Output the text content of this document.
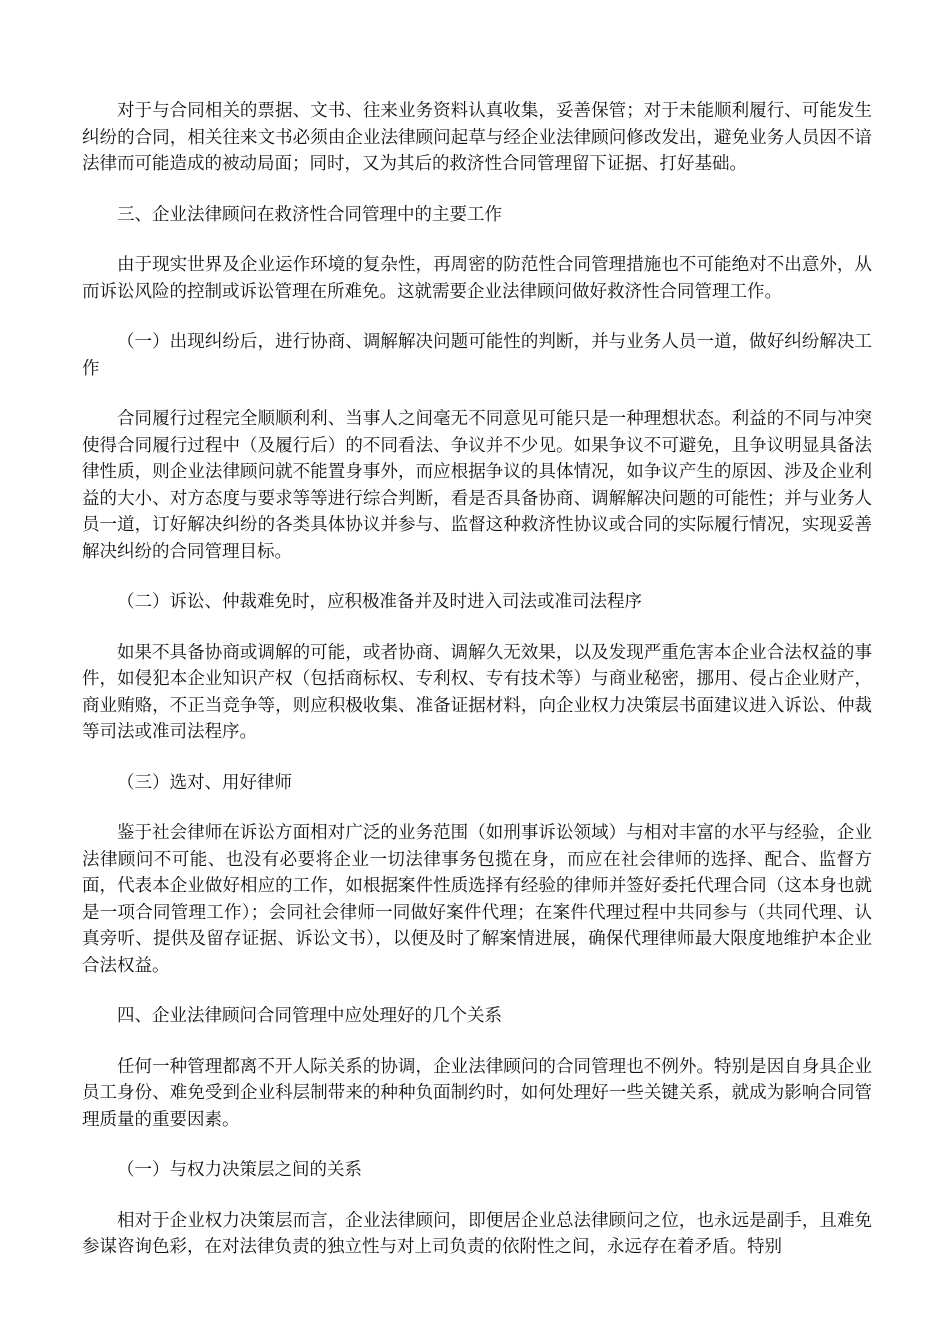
对于与合同相关的票据、文书、往来业务资料认真收集，妥善保管；对于未能顺利履行、可能发生纠纷的合同，相关往来文书必须由企业法律顾问起草与经企业法律顾问修改发出，避免业务人员因不谙法律而可能造成的被动局面；同时，又为其后的救济性合同管理留下证据、打好基础。

三、企业法律顾问在救济性合同管理中的主要工作

由于现实世界及企业运作环境的复杂性，再周密的防范性合同管理措施也不可能绝对不出意外，从而诉讼风险的控制或诉讼管理在所难免。这就需要企业法律顾问做好救济性合同管理工作。

（一）出现纠纷后，进行协商、调解解决问题可能性的判断，并与业务人员一道，做好纠纷解决工作

合同履行过程完全顺顺利利、当事人之间毫无不同意见可能只是一种理想状态。利益的不同与冲突使得合同履行过程中（及履行后）的不同看法、争议并不少见。如果争议不可避免，且争议明显具备法律性质，则企业法律顾问就不能置身事外，而应根据争议的具体情况，如争议产生的原因、涉及企业利益的大小、对方态度与要求等等进行综合判断，看是否具备协商、调解解决问题的可能性；并与业务人员一道，订好解决纠纷的各类具体协议并参与、监督这种救济性协议或合同的实际履行情况，实现妥善解决纠纷的合同管理目标。

（二）诉讼、仲裁难免时，应积极准备并及时进入司法或准司法程序

如果不具备协商或调解的可能，或者协商、调解久无效果，以及发现严重危害本企业合法权益的事件，如侵犯本企业知识产权（包括商标权、专利权、专有技术等）与商业秘密，挪用、侵占企业财产，商业贿赂，不正当竞争等，则应积极收集、准备证据材料，向企业权力决策层书面建议进入诉讼、仲裁等司法或准司法程序。

（三）选对、用好律师

鉴于社会律师在诉讼方面相对广泛的业务范围（如刑事诉讼领域）与相对丰富的水平与经验，企业法律顾问不可能、也没有必要将企业一切法律事务包揽在身，而应在社会律师的选择、配合、监督方面，代表本企业做好相应的工作，如根据案件性质选择有经验的律师并签好委托代理合同（这本身也就是一项合同管理工作）；会同社会律师一同做好案件代理；在案件代理过程中共同参与（共同代理、认真旁听、提供及留存证据、诉讼文书），以便及时了解案情进展，确保代理律师最大限度地维护本企业合法权益。

四、企业法律顾问合同管理中应处理好的几个关系

任何一种管理都离不开人际关系的协调，企业法律顾问的合同管理也不例外。特别是因自身具企业员工身份、难免受到企业科层制带来的种种负面制约时，如何处理好一些关键关系，就成为影响合同管理质量的重要因素。

（一）与权力决策层之间的关系

相对于企业权力决策层而言，企业法律顾问，即便居企业总法律顾问之位，也永远是副手，且难免参谋咨询色彩，在对法律负责的独立性与对上司负责的依附性之间，永远存在着矛盾。特别
